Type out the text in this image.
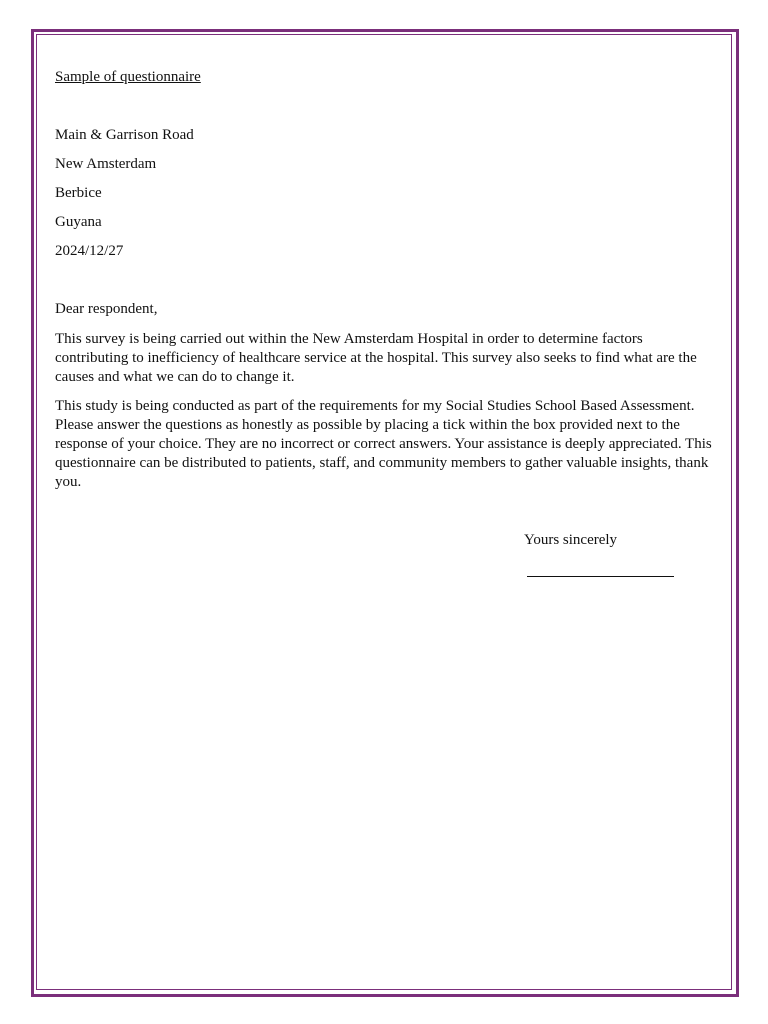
Sample of questionnaire
Main & Garrison Road
New Amsterdam
Berbice
Guyana
2024/12/27
Dear respondent,

This survey is being carried out within the New Amsterdam Hospital in order to determine factors contributing to inefficiency of healthcare service at the hospital. This survey also seeks to find what are the causes and what we can do to change it.

This study is being conducted as part of the requirements for my Social Studies School Based Assessment. Please answer the questions as honestly as possible by placing a tick within the box provided next to the response of your choice. They are no incorrect or correct answers. Your assistance is deeply appreciated. This questionnaire can be distributed to patients, staff, and community members to gather valuable insights, thank you.

Yours sincerely
